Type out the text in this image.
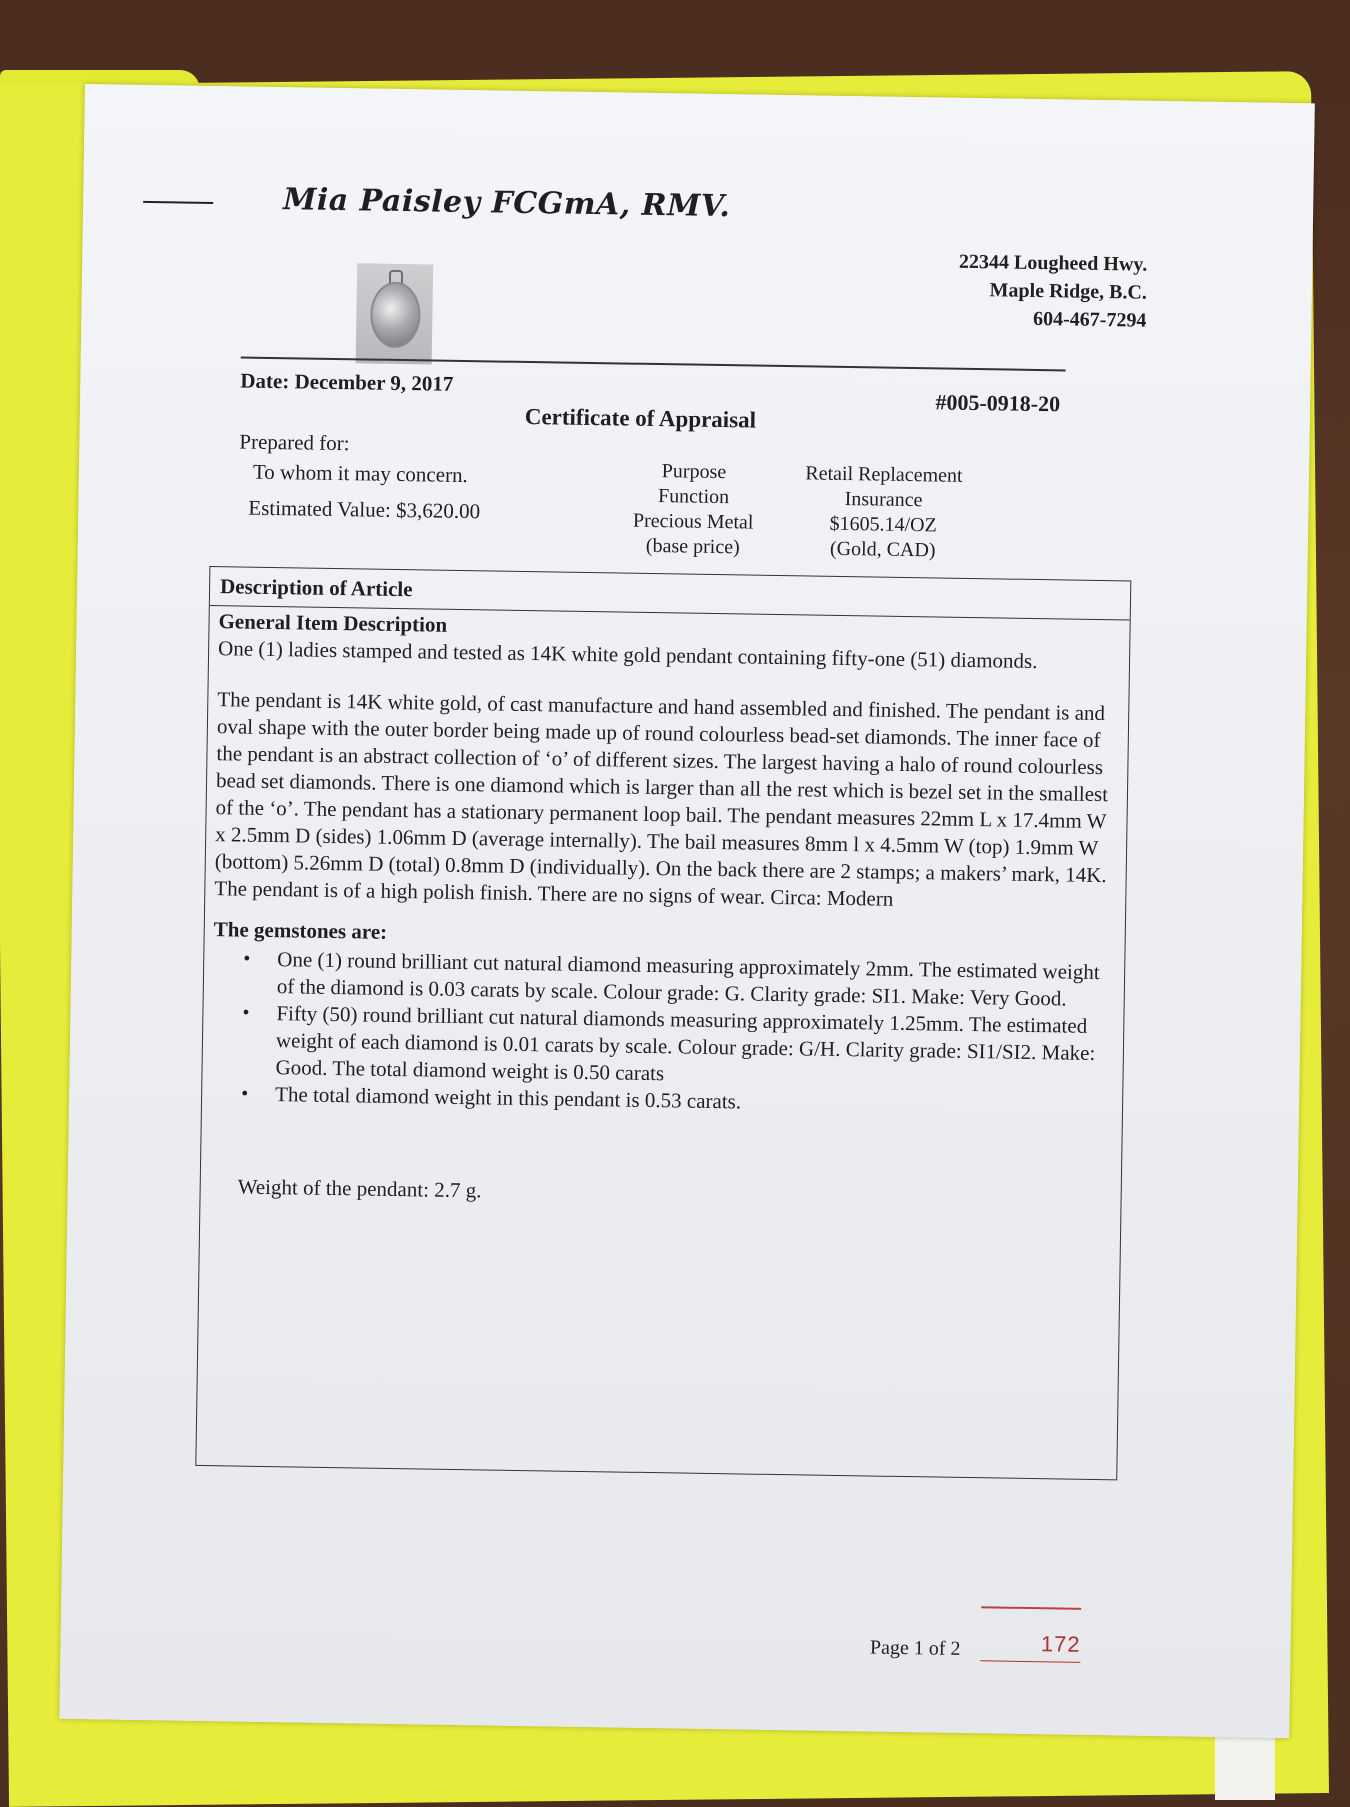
Mia Paisley FCGmA, RMV.
22344 Lougheed Hwy.
Maple Ridge, B.C.
604-467-7294
Date: December 9, 2017
#005-0918-20
Certificate of Appraisal
Prepared for:
To whom it may concern.
Estimated Value: $3,620.00
Purpose
Function
Precious Metal
(base price)
Retail Replacement
Insurance
$1605.14/OZ
(Gold, CAD)
Description of Article
General Item Description

One (1) ladies stamped and tested as 14K white gold pendant containing fifty-one (51) diamonds.

The pendant is 14K white gold, of cast manufacture and hand assembled and finished. The pendant is and oval shape with the outer border being made up of round colourless bead-set diamonds. The inner face of the pendant is an abstract collection of ‘o’ of different sizes. The largest having a halo of round colourless bead set diamonds. There is one diamond which is larger than all the rest which is bezel set in the smallest of the ‘o’. The pendant has a stationary permanent loop bail. The pendant measures 22mm L x 17.4mm W x 2.5mm D (sides) 1.06mm D (average internally). The bail measures 8mm l x 4.5mm W (top) 1.9mm W (bottom) 5.26mm D (total) 0.8mm D (individually). On the back there are 2 stamps; a makers’ mark, 14K. The pendant is of a high polish finish. There are no signs of wear. Circa: Modern

The gemstones are:
• One (1) round brilliant cut natural diamond measuring approximately 2mm. The estimated weight of the diamond is 0.03 carats by scale. Colour grade: G. Clarity grade: SI1. Make: Very Good.
• Fifty (50) round brilliant cut natural diamonds measuring approximately 1.25mm. The estimated weight of each diamond is 0.01 carats by scale. Colour grade: G/H. Clarity grade: SI1/SI2. Make: Good. The total diamond weight is 0.50 carats
• The total diamond weight in this pendant is 0.53 carats.
Weight of the pendant: 2.7 g.
Page 1 of 2	172
